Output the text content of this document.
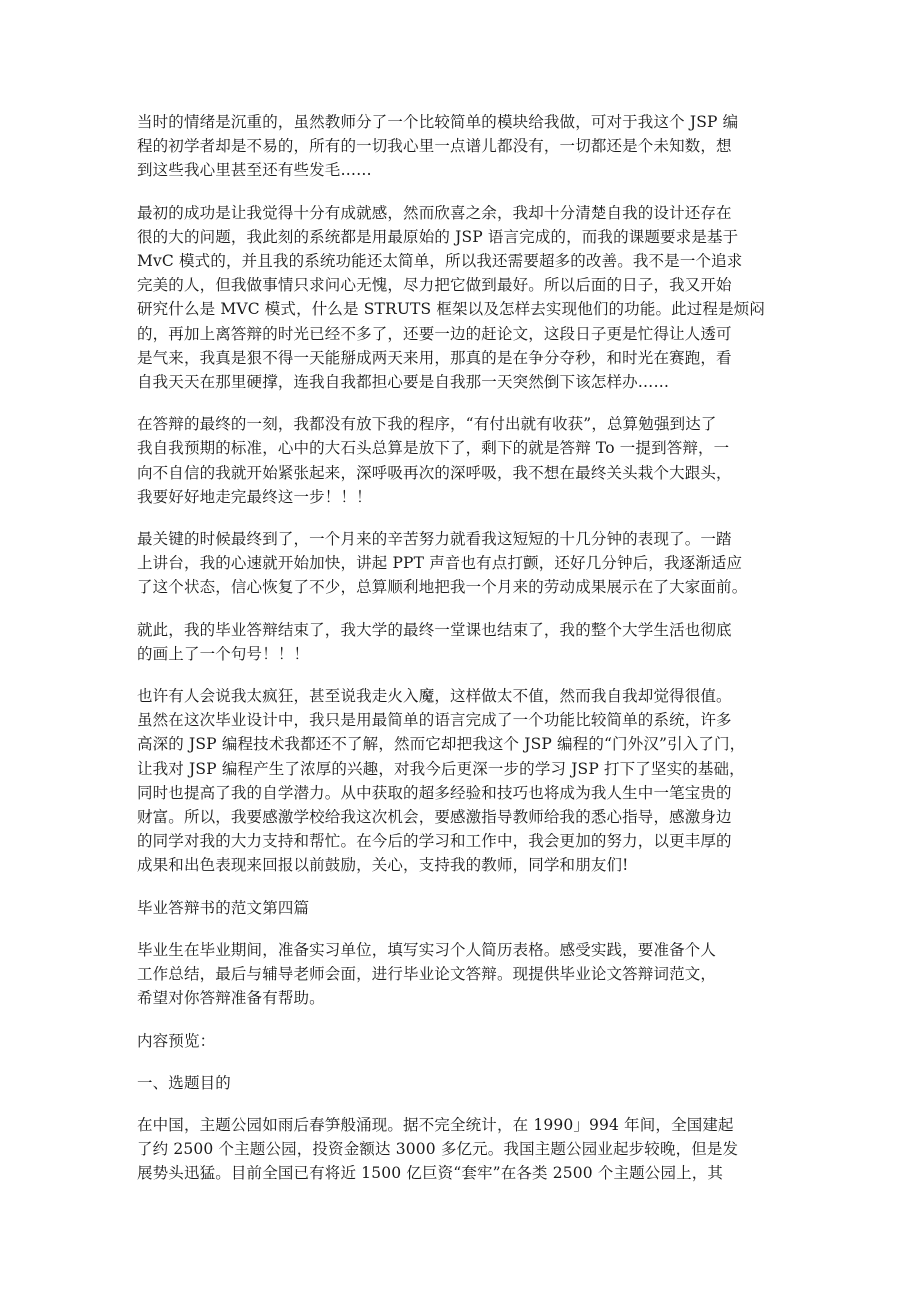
当时的情绪是沉重的，虽然教师分了一个比较简单的模块给我做，可对于我这个 JSP 编
程的初学者却是不易的，所有的一切我心里一点谱儿都没有，一切都还是个未知数，想
到这些我心里甚至还有些发毛……

最初的成功是让我觉得十分有成就感，然而欣喜之余，我却十分清楚自我的设计还存在
很的大的问题，我此刻的系统都是用最原始的 JSP 语言完成的，而我的课题要求是基于
MvC 模式的，并且我的系统功能还太简单，所以我还需要超多的改善。我不是一个追求
完美的人，但我做事情只求问心无愧，尽力把它做到最好。所以后面的日子，我又开始
研究什么是 MVC 模式，什么是 STRUTS 框架以及怎样去实现他们的功能。此过程是烦闷
的，再加上离答辩的时光已经不多了，还要一边的赶论文，这段日子更是忙得让人透可
是气来，我真是狠不得一天能掰成两天来用，那真的是在争分夺秒，和时光在赛跑，看
自我天天在那里硬撑，连我自我都担心要是自我那一天突然倒下该怎样办……

在答辩的最终的一刻，我都没有放下我的程序，“有付出就有收获”，总算勉强到达了
我自我预期的标准，心中的大石头总算是放下了，剩下的就是答辩 To 一提到答辩，一
向不自信的我就开始紧张起来，深呼吸再次的深呼吸，我不想在最终关头栽个大跟头，
我要好好地走完最终这一步！！！

最关键的时候最终到了，一个月来的辛苦努力就看我这短短的十几分钟的表现了。一踏
上讲台，我的心速就开始加快，讲起 PPT 声音也有点打颤，还好几分钟后，我逐渐适应
了这个状态，信心恢复了不少，总算顺利地把我一个月来的劳动成果展示在了大家面前。

就此，我的毕业答辩结束了，我大学的最终一堂课也结束了，我的整个大学生活也彻底
的画上了一个句号！！！

也许有人会说我太疯狂，甚至说我走火入魔，这样做太不值，然而我自我却觉得很值。
虽然在这次毕业设计中，我只是用最简单的语言完成了一个功能比较简单的系统，许多
高深的 JSP 编程技术我都还不了解，然而它却把我这个 JSP 编程的“门外汉”引入了门，
让我对 JSP 编程产生了浓厚的兴趣，对我今后更深一步的学习 JSP 打下了坚实的基础，
同时也提高了我的自学潜力。从中获取的超多经验和技巧也将成为我人生中一笔宝贵的
财富。所以，我要感激学校给我这次机会，要感激指导教师给我的悉心指导，感激身边
的同学对我的大力支持和帮忙。在今后的学习和工作中，我会更加的努力，以更丰厚的
成果和出色表现来回报以前鼓励，关心，支持我的教师，同学和朋友们!

毕业答辩书的范文第四篇

毕业生在毕业期间，准备实习单位，填写实习个人简历表格。感受实践，要准备个人
工作总结，最后与辅导老师会面，进行毕业论文答辩。现提供毕业论文答辩词范文，
希望对你答辩准备有帮助。

内容预览：

一、选题目的

在中国，主题公园如雨后春笋般涌现。据不完全统计，在 1990」994 年间，全国建起
了约 2500 个主题公园，投资金额达 3000 多亿元。我国主题公园业起步较晚，但是发
展势头迅猛。目前全国已有将近 1500 亿巨资“套牢”在各类 2500 个主题公园上，其
